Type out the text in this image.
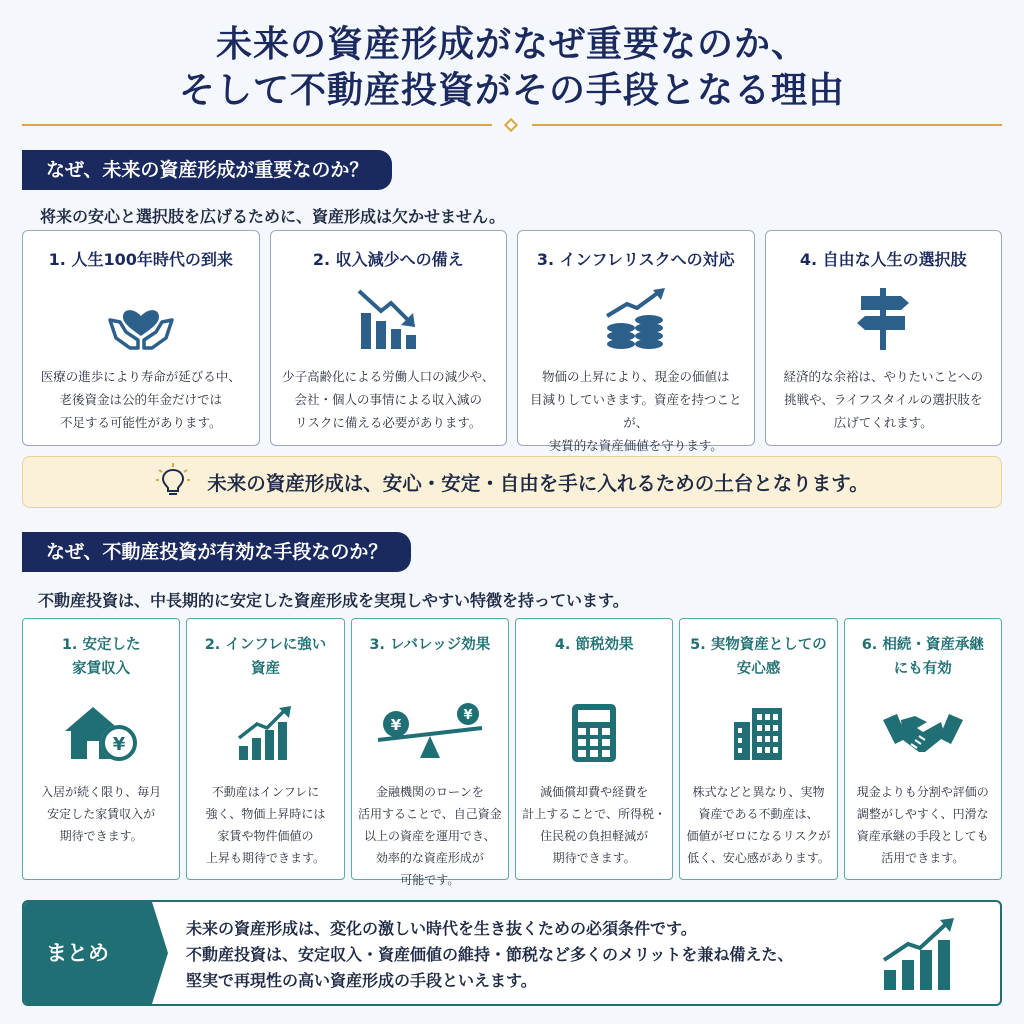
未来の資産形成がなぜ重要なのか、
そして不動産投資がその手段となる理由
なぜ、未来の資産形成が重要なのか？
将来の安心と選択肢を広げるために、資産形成は欠かせません。
1. 人生100年時代の到来
医療の進歩により寿命が延びる中、
老後資金は公的年金だけでは
不足する可能性があります。
2. 収入減少への備え
少子高齢化による労働人口の減少や、
会社・個人の事情による収入減の
リスクに備える必要があります。
3. インフレリスクへの対応
物価の上昇により、現金の価値は
目減りしていきます。資産を持つことが、
実質的な資産価値を守ります。
4. 自由な人生の選択肢
経済的な余裕は、やりたいことへの
挑戦や、ライフスタイルの選択肢を
広げてくれます。
未来の資産形成は、安心・安定・自由を手に入れるための土台となります。
なぜ、不動産投資が有効な手段なのか？
不動産投資は、中長期的に安定した資産形成を実現しやすい特徴を持っています。
1. 安定した
家賃収入
¥
入居が続く限り、毎月
安定した家賃収入が
期待できます。
2. インフレに強い
資産
不動産はインフレに
強く、物価上昇時には
家賃や物件価値の
上昇も期待できます。
3. レバレッジ効果
¥
¥
金融機関のローンを
活用することで、自己資金
以上の資産を運用でき、
効率的な資産形成が
可能です。
4. 節税効果
減価償却費や経費を
計上することで、所得税・
住民税の負担軽減が
期待できます。
5. 実物資産としての
安心感
株式などと異なり、実物
資産である不動産は、
価値がゼロになるリスクが
低く、安心感があります。
6. 相続・資産承継
にも有効
現金よりも分割や評価の
調整がしやすく、円滑な
資産承継の手段としても
活用できます。
まとめ
未来の資産形成は、変化の激しい時代を生き抜くための必須条件です。
不動産投資は、安定収入・資産価値の維持・節税など多くのメリットを兼ね備えた、
堅実で再現性の高い資産形成の手段といえます。
